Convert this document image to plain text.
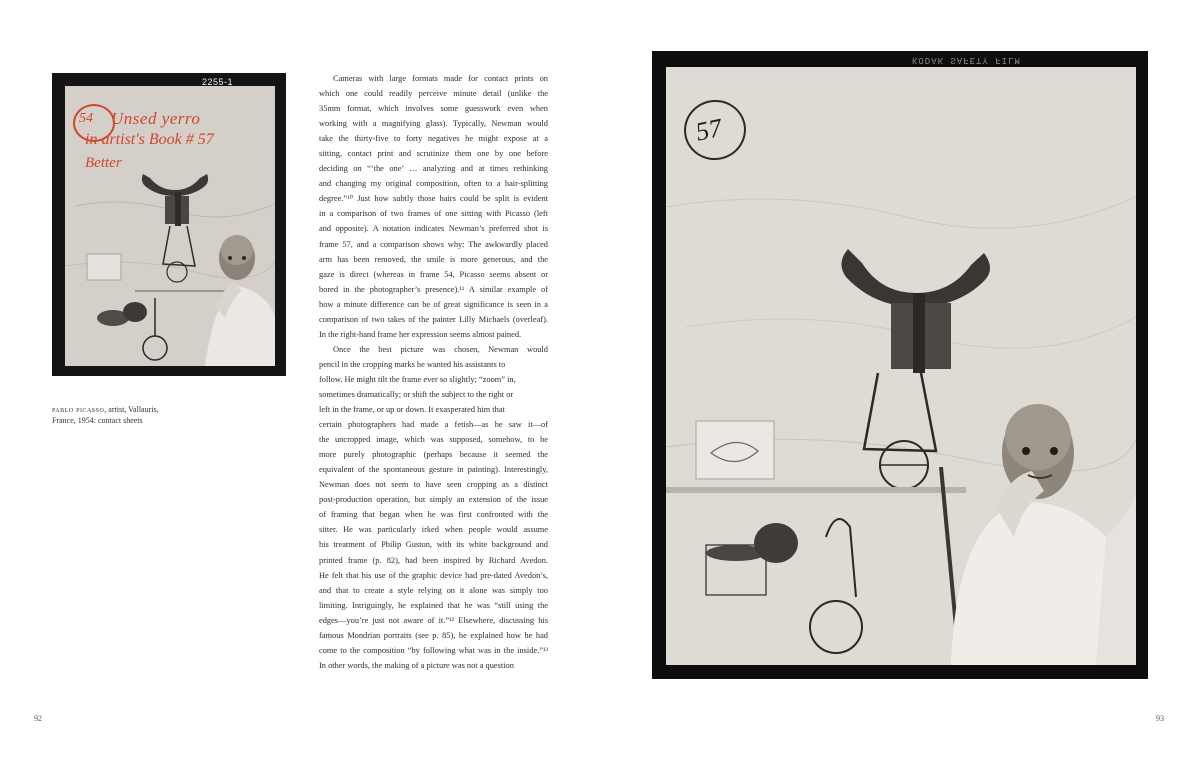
54 Unsed yerro
in artist's Book # 57
Better
2255-1
pablo picasso, artist, Vallauris,
France, 1954: contact sheets
Cameras with large formats made for contact prints on
which one could readily perceive minute detail (unlike the
35mm format, which involves some guesswork even when
working with a magnifying glass). Typically, Newman would
take the thirty-five to forty negatives he might expose at a
sitting, contact print and scrutinize them one by one before
deciding on “‘the one’ … analyzing and at times rethinking
and changing my original composition, often to a hair-splitting
degree.”¹⁰ Just how subtly those hairs could be split is evident
in a comparison of two frames of one sitting with Picasso (left
and opposite). A notation indicates Newman’s preferred shot is
frame 57, and a comparison shows why: The awkwardly placed
arm has been removed, the smile is more generous, and the
gaze is direct (whereas in frame 54, Picasso seems absent or
bored in the photographer’s presence).¹¹ A similar example of
how a minute difference can be of great significance is seen in a
comparison of two takes of the painter Lilly Michaels (overleaf).
In the right-hand frame her expression seems almost pained.
Once the best picture was chosen, Newman would
pencil in the cropping marks he wanted his assistants to
follow. He might tilt the frame ever so slightly; “zoom” in,
sometimes dramatically; or shift the subject to the right or
left in the frame, or up or down. It exasperated him that
certain photographers had made a fetish—as he saw it—of
the uncropped image, which was supposed, somehow, to be
more purely photographic (perhaps because it seemed the
equivalent of the spontaneous gesture in painting). Interestingly,
Newman does not seem to have seen cropping as a distinct
post-production operation, but simply an extension of the issue
of framing that began when he was first confronted with the
sitter. He was particularly irked when people would assume
his treatment of Philip Guston, with its white background and
printed frame (p. 82), had been inspired by Richard Avedon.
He felt that his use of the graphic device had pre-dated Avedon’s,
and that to create a style relying on it alone was simply too
limiting. Intriguingly, he explained that he was “still using the
edges—you’re just not aware of it.”¹² Elsewhere, discussing his
famous Mondrian portraits (see p. 85), he explained how he had
come to the composition “by following what was in the inside.”¹³
In other words, the making of a picture was not a question
KODAK SAFETY FILM
57
92	93
